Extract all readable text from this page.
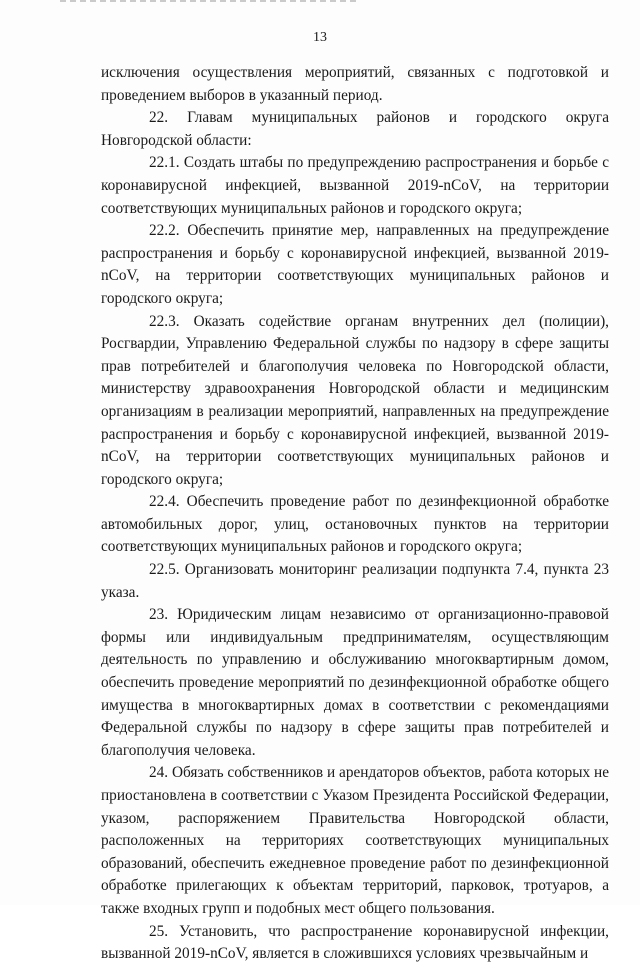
13

исключения осуществления мероприятий, связанных с подготовкой и проведением выборов в указанный период.

22. Главам муниципальных районов и городского округа Новгородской области:

22.1. Создать штабы по предупреждению распространения и борьбе с коронавирусной инфекцией, вызванной 2019-nCoV, на территории соответствующих муниципальных районов и городского округа;

22.2. Обеспечить принятие мер, направленных на предупреждение распространения и борьбу с коронавирусной инфекцией, вызванной 2019-nCoV, на территории соответствующих муниципальных районов и городского округа;

22.3. Оказать содействие органам внутренних дел (полиции), Росгвардии, Управлению Федеральной службы по надзору в сфере защиты прав потребителей и благополучия человека по Новгородской области, министерству здравоохранения Новгородской области и медицинским организациям в реализации мероприятий, направленных на предупреждение распространения и борьбу с коронавирусной инфекцией, вызванной 2019-nCoV, на территории соответствующих муниципальных районов и городского округа;

22.4. Обеспечить проведение работ по дезинфекционной обработке автомобильных дорог, улиц, остановочных пунктов на территории соответствующих муниципальных районов и городского округа;

22.5. Организовать мониторинг реализации подпункта 7.4, пункта 23 указа.

23. Юридическим лицам независимо от организационно-правовой формы или индивидуальным предпринимателям, осуществляющим деятельность по управлению и обслуживанию многоквартирным домом, обеспечить проведение мероприятий по дезинфекционной обработке общего имущества в многоквартирных домах в соответствии с рекомендациями Федеральной службы по надзору в сфере защиты прав потребителей и благополучия человека.

24. Обязать собственников и арендаторов объектов, работа которых не приостановлена в соответствии с Указом Президента Российской Федерации, указом, распоряжением Правительства Новгородской области, расположенных на территориях соответствующих муниципальных образований, обеспечить ежедневное проведение работ по дезинфекционной обработке прилегающих к объектам территорий, парковок, тротуаров, а также входных групп и подобных мест общего пользования.

25. Установить, что распространение коронавирусной инфекции, вызванной 2019-nCoV, является в сложившихся условиях чрезвычайным и
